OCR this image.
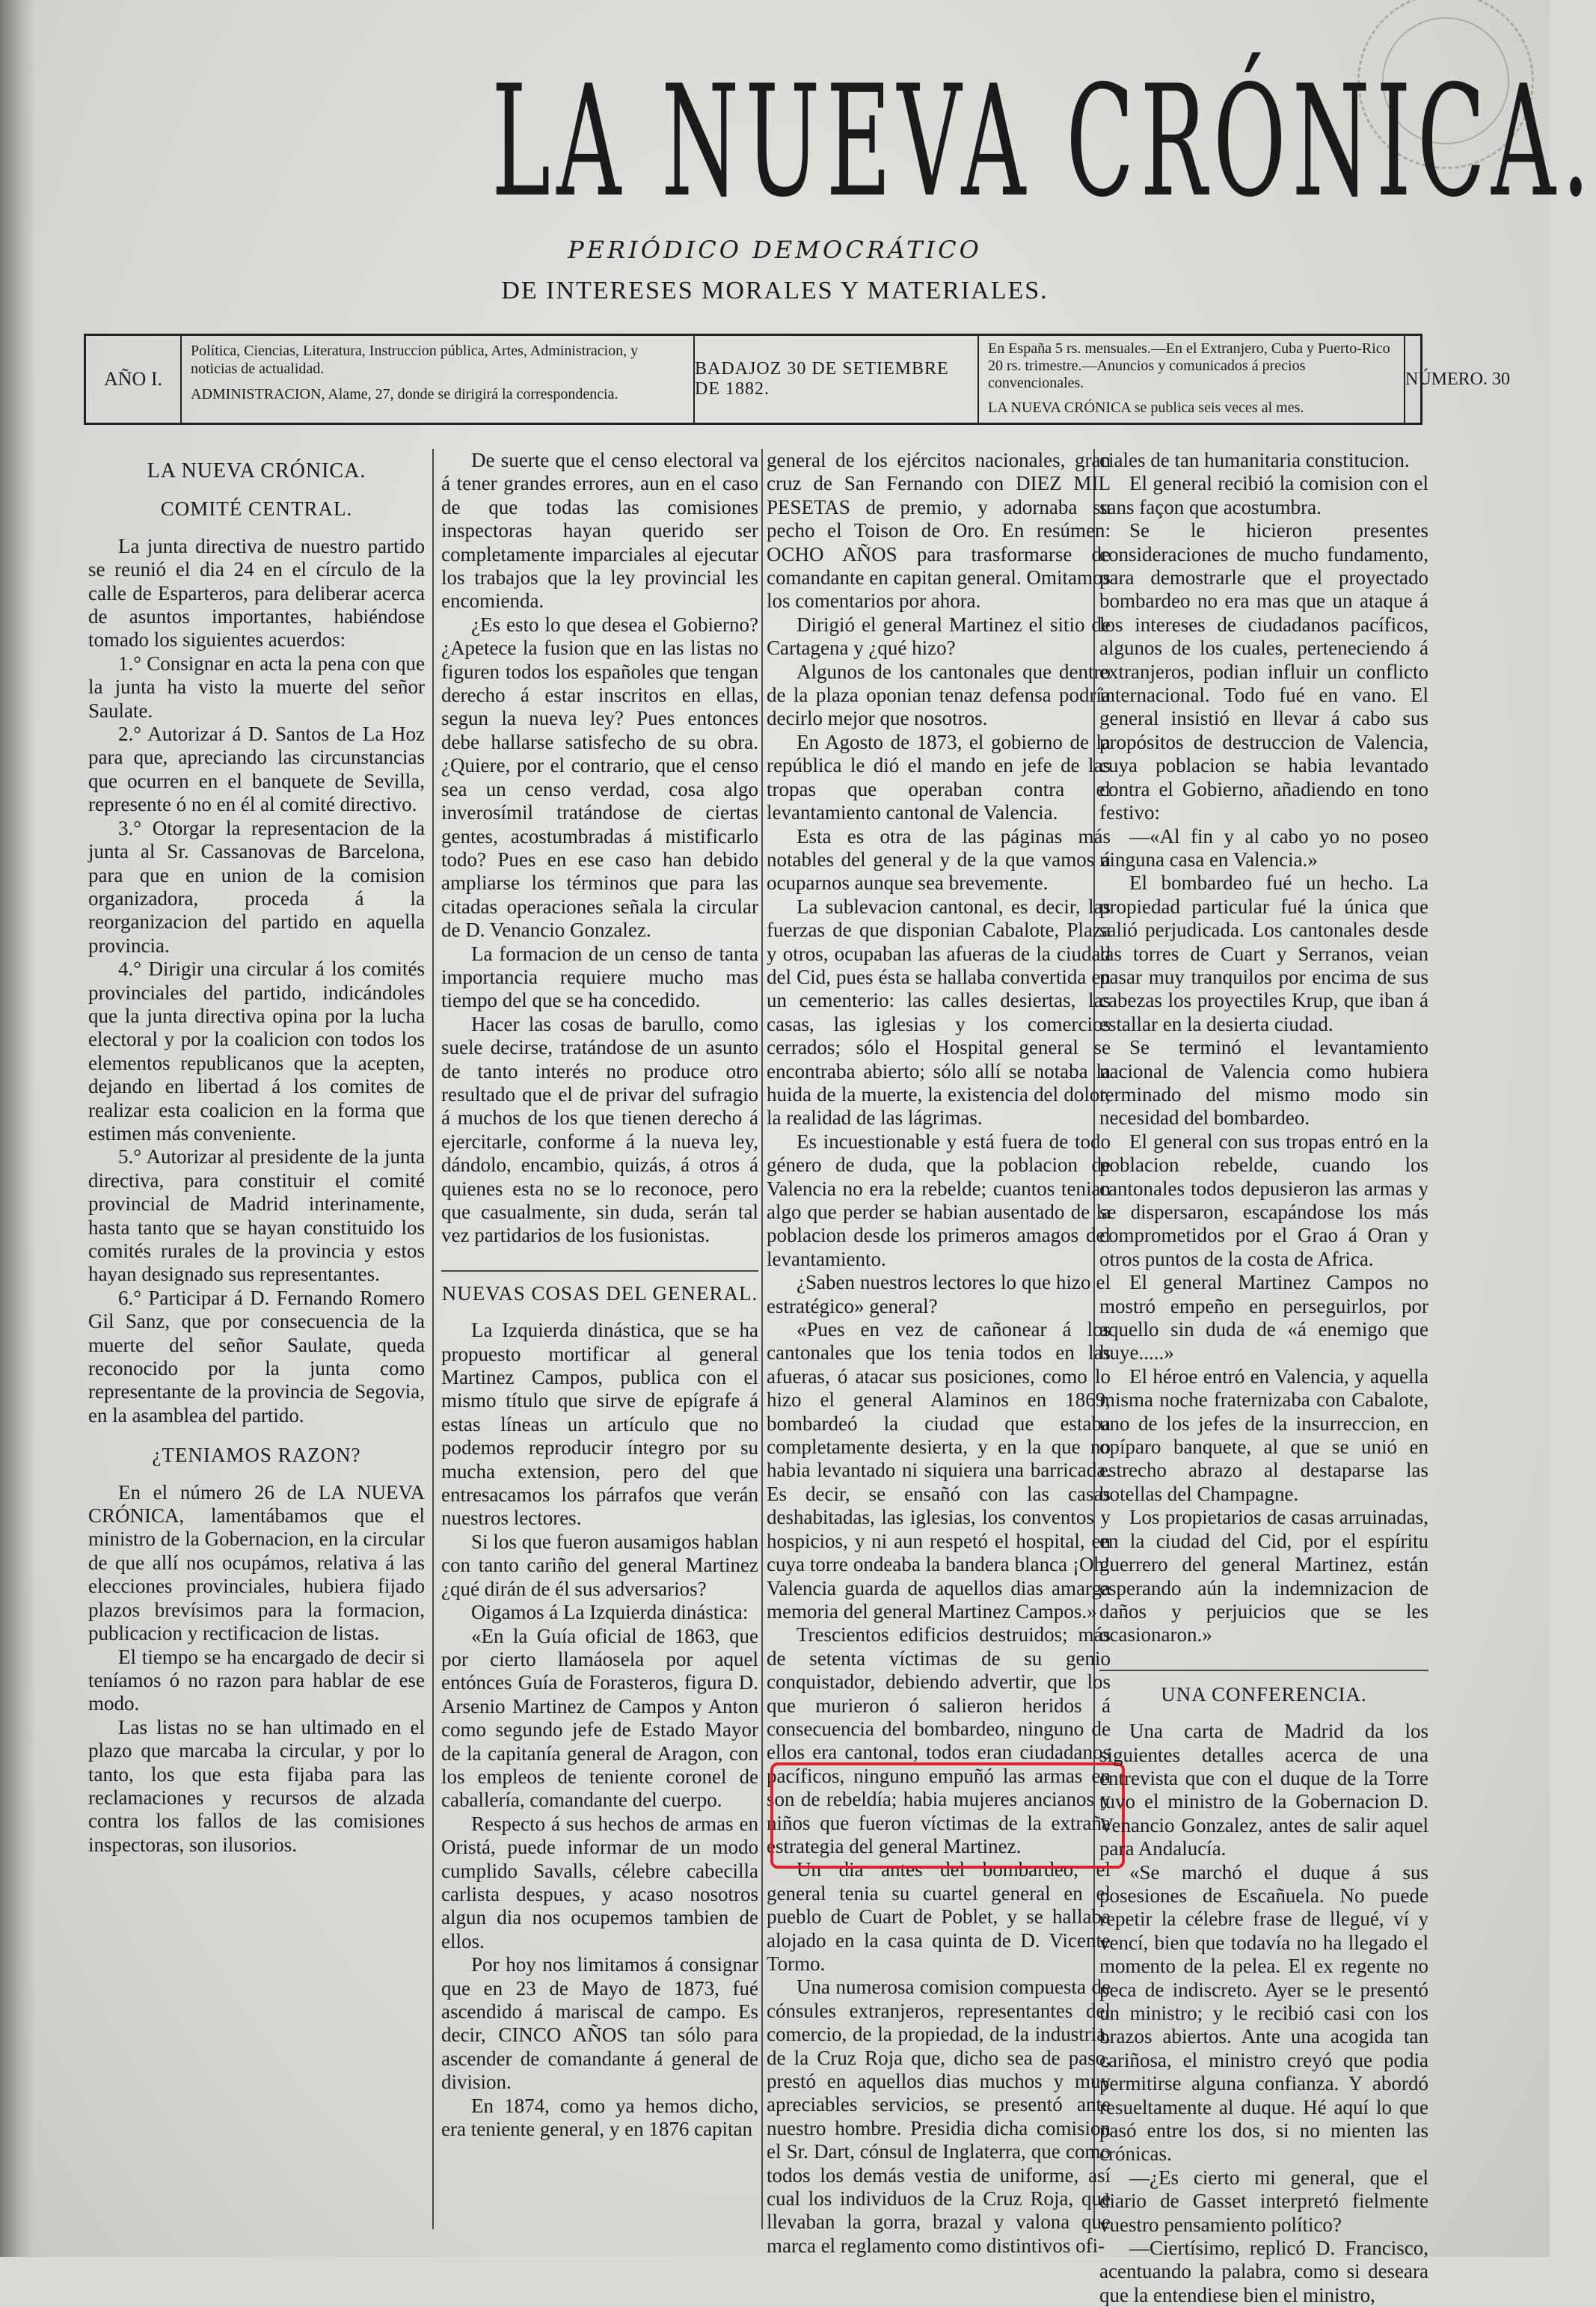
LA NUEVA CRÓNICA.
PERIÓDICO DEMOCRÁTICO
DE INTERESES MORALES Y MATERIALES.
AÑO I.

Política, Ciencias, Literatura, Instruccion pública, Artes, Administracion, y noticias de actualidad.

ADMINISTRACION, Alame, 27, donde se dirigirá la correspondencia.

BADAJOZ 30 DE SETIEMBRE DE 1882.

En España 5 rs. mensuales.—En el Extranjero, Cuba y Puerto-Rico 20 rs. trimestre.—Anuncios y comunicados á precios convencionales.

LA NUEVA CRÓNICA se publica seis veces al mes.

NÚMERO. 30
LA NUEVA CRÓNICA.
COMITÉ CENTRAL.

La junta directiva de nuestro partido se reunió el dia 24 en el círculo de la calle de Esparteros, para deliberar acerca de asuntos importantes, habiéndose tomado los siguientes acuerdos:

1.° Consignar en acta la pena con que la junta ha visto la muerte del señor Saulate.

2.° Autorizar á D. Santos de La Hoz para que, apreciando las circunstancias que ocurren en el banquete de Sevilla, represente ó no en él al comité directivo.

3.° Otorgar la representacion de la junta al Sr. Cassanovas de Barcelona, para que en union de la comision organizadora, proceda á la reorganizacion del partido en aquella provincia.

4.° Dirigir una circular á los comités provinciales del partido, indicándoles que la junta directiva opina por la lucha electoral y por la coalicion con todos los elementos republicanos que la acepten, dejando en libertad á los comites de realizar esta coalicion en la forma que estimen más conveniente.

5.° Autorizar al presidente de la junta directiva, para constituir el comité provincial de Madrid interinamente, hasta tanto que se hayan constituido los comités rurales de la provincia y estos hayan designado sus representantes.

6.° Participar á D. Fernando Romero Gil Sanz, que por consecuencia de la muerte del señor Saulate, queda reconocido por la junta como representante de la provincia de Segovia, en la asamblea del partido.

¿TENIAMOS RAZON?

En el número 26 de LA NUEVA CRÓNICA, lamentábamos que el ministro de la Gobernacion, en la circular de que allí nos ocupámos, relativa á las elecciones provinciales, hubiera fijado plazos brevísimos para la formacion, publicacion y rectificacion de listas.

El tiempo se ha encargado de decir si teníamos ó no razon para hablar de ese modo.

Las listas no se han ultimado en el plazo que marcaba la circular, y por lo tanto, los que esta fijaba para las reclamaciones y recursos de alzada contra los fallos de las comisiones inspectoras, son ilusorios.

De suerte que el censo electoral va á tener grandes errores, aun en el caso de que todas las comisiones inspectoras hayan querido ser completamente imparciales al ejecutar los trabajos que la ley provincial les encomienda.

¿Es esto lo que desea el Gobierno? ¿Apetece la fusion que en las listas no figuren todos los españoles que tengan derecho á estar inscritos en ellas, segun la nueva ley? Pues entonces debe hallarse satisfecho de su obra. ¿Quiere, por el contrario, que el censo sea un censo verdad, cosa algo inverosímil tratándose de ciertas gentes, acostumbradas á mistificarlo todo? Pues en ese caso han debido ampliarse los términos que para las citadas operaciones señala la circular de D. Venancio Gonzalez.

La formacion de un censo de tanta importancia requiere mucho mas tiempo del que se ha concedido.

Hacer las cosas de barullo, como suele decirse, tratándose de un asunto de tanto interés no produce otro resultado que el de privar del sufragio á muchos de los que tienen derecho á ejercitarle, conforme á la nueva ley, dándolo, encambio, quizás, á otros á quienes esta no se lo reconoce, pero que casualmente, sin duda, serán tal vez partidarios de los fusionistas.

NUEVAS COSAS DEL GENERAL.

La Izquierda dinástica, que se ha propuesto mortificar al general Martinez Campos, publica con el mismo título que sirve de epígrafe á estas líneas un artículo que no podemos reproducir íntegro por su mucha extension, pero del que entresacamos los párrafos que verán nuestros lectores.

Si los que fueron ausamigos hablan con tanto cariño del general Martinez ¿qué dirán de él sus adversarios?

Oigamos á La Izquierda dinástica:

«En la Guía oficial de 1863, que por cierto llamáosela por aquel entónces Guía de Forasteros, figura D. Arsenio Martinez de Campos y Anton como segundo jefe de Estado Mayor de la capitanía general de Aragon, con los empleos de teniente coronel de caballería, comandante del cuerpo.

Respecto á sus hechos de armas en Oristá, puede informar de un modo cumplido Savalls, célebre cabecilla carlista despues, y acaso nosotros algun dia nos ocupemos tambien de ellos.

Por hoy nos limitamos á consignar que en 23 de Mayo de 1873, fué ascendido á mariscal de campo. Es decir, CINCO AÑOS tan sólo para ascender de comandante á general de division.

En 1874, como ya hemos dicho, era teniente general, y en 1876 capitan

general de los ejércitos nacionales, gran cruz de San Fernando con DIEZ MIL PESETAS de premio, y adornaba su pecho el Toison de Oro. En resúmen: OCHO AÑOS para trasformarse de comandante en capitan general. Omitamos los comentarios por ahora.

Dirigió el general Martinez el sitio de Cartagena y ¿qué hizo?

Algunos de los cantonales que dentro de la plaza oponian tenaz defensa podría decirlo mejor que nosotros.

En Agosto de 1873, el gobierno de la república le dió el mando en jefe de las tropas que operaban contra el levantamiento cantonal de Valencia.

Esta es otra de las páginas más notables del general y de la que vamos á ocuparnos aunque sea brevemente.

La sublevacion cantonal, es decir, las fuerzas de que disponian Cabalote, Plaza y otros, ocupaban las afueras de la ciudad del Cid, pues ésta se hallaba convertida en un cementerio: las calles desiertas, las casas, las iglesias y los comercios cerrados; sólo el Hospital general se encontraba abierto; sólo allí se notaba la huida de la muerte, la existencia del dolor, la realidad de las lágrimas.

Es incuestionable y está fuera de todo género de duda, que la poblacion de Valencia no era la rebelde; cuantos tenian algo que perder se habian ausentado de la poblacion desde los primeros amagos del levantamiento.

¿Saben nuestros lectores lo que hizo el estratégico» general?

«Pues en vez de cañonear á los cantonales que los tenia todos en las afueras, ó atacar sus posiciones, como lo hizo el general Alaminos en 1869, bombardeó la ciudad que estaba completamente desierta, y en la que no habia levantado ni siquiera una barricada. Es decir, se ensañó con las casas deshabitadas, las iglesias, los conventos y hospicios, y ni aun respetó el hospital, en cuya torre ondeaba la bandera blanca ¡Oh! Valencia guarda de aquellos dias amarga memoria del general Martinez Campos.»

Trescientos edificios destruidos; más de setenta víctimas de su genio conquistador, debiendo advertir, que los que murieron ó salieron heridos á consecuencia del bombardeo, ninguno de ellos era cantonal, todos eran ciudadanos pacíficos, ninguno empuñó las armas en son de rebeldía; habia mujeres ancianos y niños que fueron víctimas de la extraña estrategia del general Martinez.

Un dia antes del bombardeo, el general tenia su cuartel general en el pueblo de Cuart de Poblet, y se hallaba alojado en la casa quinta de D. Vicente Tormo.

Una numerosa comision compuesta de cónsules extranjeros, representantes del comercio, de la propiedad, de la industria, de la Cruz Roja que, dicho sea de paso, prestó en aquellos dias muchos y muy apreciables servicios, se presentó ante nuestro hombre. Presidia dicha comision el Sr. Dart, cónsul de Inglaterra, que como todos los demás vestia de uniforme, así cual los individuos de la Cruz Roja, que llevaban la gorra, brazal y valona que marca el reglamento como distintivos ofi-

ciales de tan humanitaria constitucion.

El general recibió la comision con el sans façon que acostumbra.

Se le hicieron presentes consideraciones de mucho fundamento, para demostrarle que el proyectado bombardeo no era mas que un ataque á los intereses de ciudadanos pacíficos, algunos de los cuales, perteneciendo á extranjeros, podian influir un conflicto internacional. Todo fué en vano. El general insistió en llevar á cabo sus propósitos de destruccion de Valencia, cuya poblacion se habia levantado contra el Gobierno, añadiendo en tono festivo:

—«Al fin y al cabo yo no poseo ninguna casa en Valencia.»

El bombardeo fué un hecho. La propiedad particular fué la única que salió perjudicada. Los cantonales desde las torres de Cuart y Serranos, veian pasar muy tranquilos por encima de sus cabezas los proyectiles Krup, que iban á estallar en la desierta ciudad.

Se terminó el levantamiento nacional de Valencia como hubiera terminado del mismo modo sin necesidad del bombardeo.

El general con sus tropas entró en la poblacion rebelde, cuando los cantonales todos depusieron las armas y se dispersaron, escapándose los más comprometidos por el Grao á Oran y otros puntos de la costa de Africa.

El general Martinez Campos no mostró empeño en perseguirlos, por aquello sin duda de «á enemigo que huye.....»

El héroe entró en Valencia, y aquella misma noche fraternizaba con Cabalote, uno de los jefes de la insurreccion, en opíparo banquete, al que se unió en estrecho abrazo al destaparse las botellas del Champagne.

Los propietarios de casas arruinadas, en la ciudad del Cid, por el espíritu guerrero del general Martinez, están esperando aún la indemnizacion de daños y perjuicios que se les ocasionaron.»

UNA CONFERENCIA.

Una carta de Madrid da los siguientes detalles acerca de una entrevista que con el duque de la Torre tuvo el ministro de la Gobernacion D. Venancio Gonzalez, antes de salir aquel para Andalucía.

«Se marchó el duque á sus posesiones de Escañuela. No puede repetir la célebre frase de llegué, ví y vencí, bien que todavía no ha llegado el momento de la pelea. El ex regente no peca de indiscreto. Ayer se le presentó un ministro; y le recibió casi con los brazos abiertos. Ante una acogida tan cariñosa, el ministro creyó que podia permitirse alguna confianza. Y abordó resueltamente al duque. Hé aquí lo que pasó entre los dos, si no mienten las crónicas.

—¿Es cierto mi general, que el diario de Gasset interpretó fielmente vuestro pensamiento político?

—Ciertísimo, replicó D. Francisco, acentuando la palabra, como si deseara que la entendiese bien el ministro,
